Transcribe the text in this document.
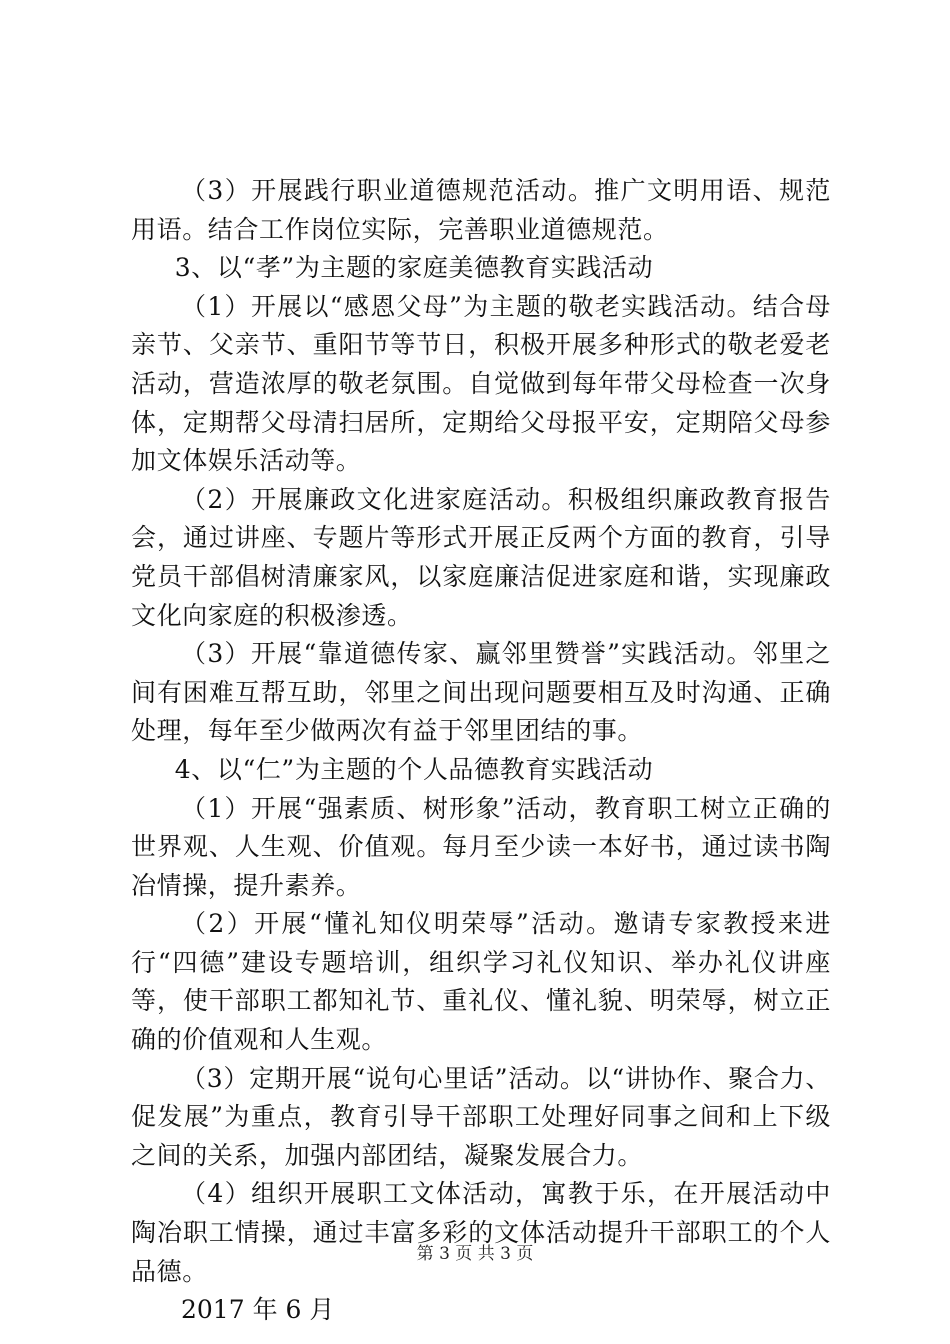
（3）开展践行职业道德规范活动。推广文明用语、规范用语。结合工作岗位实际，完善职业道德规范。

3、以“孝”为主题的家庭美德教育实践活动

（1）开展以“感恩父母”为主题的敬老实践活动。结合母亲节、父亲节、重阳节等节日，积极开展多种形式的敬老爱老活动，营造浓厚的敬老氛围。自觉做到每年带父母检查一次身体，定期帮父母清扫居所，定期给父母报平安，定期陪父母参加文体娱乐活动等。

（2）开展廉政文化进家庭活动。积极组织廉政教育报告会，通过讲座、专题片等形式开展正反两个方面的教育，引导党员干部倡树清廉家风，以家庭廉洁促进家庭和谐，实现廉政文化向家庭的积极渗透。

（3）开展“靠道德传家、赢邻里赞誉”实践活动。邻里之间有困难互帮互助，邻里之间出现问题要相互及时沟通、正确处理，每年至少做两次有益于邻里团结的事。

4、以“仁”为主题的个人品德教育实践活动

（1）开展“强素质、树形象”活动，教育职工树立正确的世界观、人生观、价值观。每月至少读一本好书，通过读书陶冶情操，提升素养。

（2）开展“懂礼知仪明荣辱”活动。邀请专家教授来进行“四德”建设专题培训，组织学习礼仪知识、举办礼仪讲座等，使干部职工都知礼节、重礼仪、懂礼貌、明荣辱，树立正确的价值观和人生观。

（3）定期开展“说句心里话”活动。以“讲协作、聚合力、促发展”为重点，教育引导干部职工处理好同事之间和上下级之间的关系，加强内部团结，凝聚发展合力。

（4）组织开展职工文体活动，寓教于乐，在开展活动中陶冶职工情操，通过丰富多彩的文体活动提升干部职工的个人品德。

2017 年 6 月

第 3 页 共 3 页
